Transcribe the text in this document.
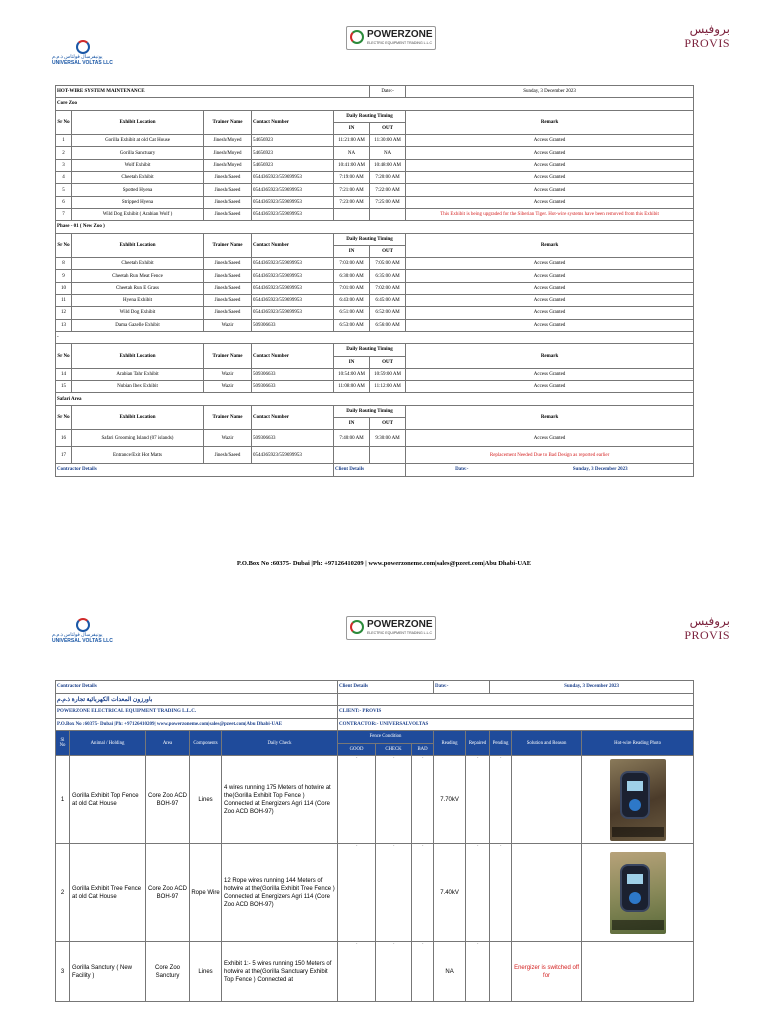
يونيفرسال فولتاس ذ.م.م
UNIVERSAL VOLTAS LLC
POWERZONE
ELECTRIC EQUIPMENT TRADING L.L.C
بروفيس
PROVIS
HOT-WIRE SYSTEM MAINTENANCE					Date:-	Sunday, 3 December 2023
Core Zoo						
Sr No	Exhibit Location	Trainer Name	Contact Number	Daily Routing Timing		Remark
				IN	OUT	
1	Gorilla Exhibit at old Cat House	Jinesh/Moyed	54656923	11:21:00 AM	11:30:00 AM	Access Granted
2	Gorilla Sanctuary	Jinesh/Moyed	54656923	NA	NA	Access Granted
3	Wolf Exhibit	Jinesh/Moyed	54656923	10:41:00 AM	10:48:00 AM	Access Granted
4	Cheetah Exhibit	Jinesh/Saeed	0544365923/559699953	7:19:00 AM	7:20:00 AM	Access Granted
5	Spotted Hyena	Jinesh/Saeed	0544365923/559699953	7:21:00 AM	7:22:00 AM	Access Granted
6	Stripped Hyena	Jinesh/Saeed	0544365923/559699953	7:23:00 AM	7:25:00 AM	Access Granted
7	Wild Dog Exhibit ( Arabian Wolf )	Jinesh/Saeed	0544365923/559699953			This Exhibit is being upgraded for the Siberian Tiger. Hot-wire systems have been removed from this Exhibit
Phase - 01 ( New Zoo )						
Sr No	Exhibit Location	Trainer Name	Contact Number	Daily Routing Timing		Remark
				IN	OUT	
8	Cheetah Exhibit	Jinesh/Saeed	0544365923/559699953	7:03:00 AM	7:05:00 AM	Access Granted
9	Cheetah Run Meat Fence	Jinesh/Saeed	0544365923/559699953	6:30:00 AM	6:35:00 AM	Access Granted
10	Cheetah Run E Grass	Jinesh/Saeed	0544365923/559699953	7:01:00 AM	7:02:00 AM	Access Granted
11	Hyena Exhibit	Jinesh/Saeed	0544365923/559699953	6:43:00 AM	6:45:00 AM	Access Granted
12	Wild Dog Exhibit	Jinesh/Saeed	0544365923/559699953	6:51:00 AM	6:52:00 AM	Access Granted
13	Dama Gazelle Exhibit	Wazir	509306633	6:53:00 AM	6:56:00 AM	Access Granted
-						
Sr No	Exhibit Location	Trainer Name	Contact Number	Daily Routing Timing		Remark
				IN	OUT	
14	Arabian Tahr Exhibit	Wazir	509306633	10:54:00 AM	10:59:00 AM	Access Granted
15	Nubian Ibex Exhibit	Wazir	509306633	11:08:00 AM	11:12:00 AM	Access Granted
Safari Area						
Sr No	Exhibit Location	Trainer Name	Contact Number	Daily Routing Timing		Remark
				IN	OUT	
16	Safari Grooming Island (07 islands)	Wazir	509306633	7:40:00 AM	9:30:00 AM	Access Granted
17	Entrance/Exit Hot Matts	Jinesh/Saeed	0544365923/559699953			Replacement Needed Due to Bad Design as reported earlier
Contractor Details				Client Details		Date:- Sunday, 3 December 2023
P.O.Box No :60375- Dubai |Ph: +97126410209 | www.powerzoneme.com|sales@pzeet.com|Abu Dhabi-UAE
يونيفرسال فولتاس ذ.م.م
UNIVERSAL VOLTAS LLC
POWERZONE
ELECTRIC EQUIPMENT TRADING L.L.C
بروفيس
PROVIS
Contractor Details					Client Details			Date:-		Sunday, 3 December 2023		
باورزون المعدات الكهربائية تجارة ذ.م.م												
POWERZONE ELECTRICAL EQUIPMENT TRADING L.L.C.					CLIENT:- PROVIS							
P.O.Box No :60375- Dubai |Ph: +97126410209| www.powerzoneme.com|sales@pzeet.com|Abu Dhabi-UAE					CONTRACTOR:- UNIVERSALVOLTAS							
Sl No	Animal / Holding	Area	Components	Daily Check	Fence Condition			Reading	Repaired	Pending	Solution and Reason	Hot-wire Reading Photo
					GOOD	CHECK	BAD					
1	Gorilla Exhibit Top Fence at old Cat House	Core Zoo ACD BOH-97	Lines	4 wires running 175 Meters of hotwire at the(Gorilla Exhibit Top Fence ) Connected at Energizers Agri 114 (Core Zoo ACD BOH-97)	"	"	"	7.70kV	"	"		

2	Gorilla Exhibit Tree Fence at old Cat House	Core Zoo ACD BOH-97	Rope Wire	12 Rope wires running 144 Meters of hotwire at the(Gorilla Exhibit Tree Fence ) Connected at Energizers Agri 114 (Core Zoo ACD BOH-97)	"	"	"	7.40kV	"	"		

3	Gorilla Sanctury ( New Facility )	Core Zoo Sanctury	Lines	Exhibit 1:- 5 wires running 150 Meters of hotwire at the(Gorilla Sanctuary Exhibit Top Fence ) Connected at	"	"	"	NA	"		Energizer is switched off for	
